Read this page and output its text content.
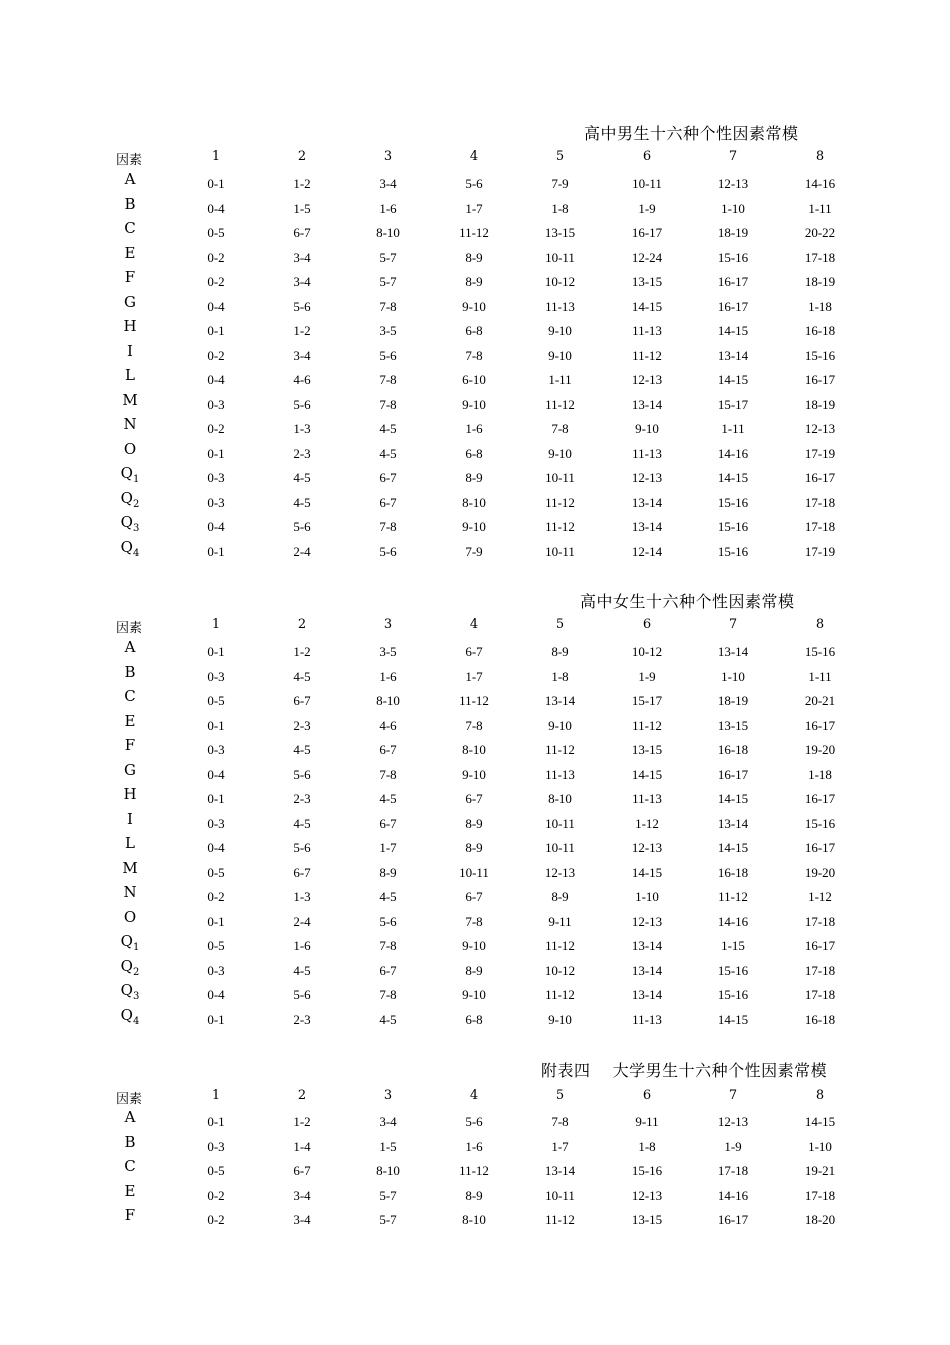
高中男生十六种个性因素常模
因素	1	2	3	4	5	6	7	8
A	0-1	1-2	3-4	5-6	7-9	10-11	12-13	14-16
B	0-4	1-5	1-6	1-7	1-8	1-9	1-10	1-11
C	0-5	6-7	8-10	11-12	13-15	16-17	18-19	20-22
E	0-2	3-4	5-7	8-9	10-11	12-24	15-16	17-18
F	0-2	3-4	5-7	8-9	10-12	13-15	16-17	18-19
G	0-4	5-6	7-8	9-10	11-13	14-15	16-17	1-18
H	0-1	1-2	3-5	6-8	9-10	11-13	14-15	16-18
I	0-2	3-4	5-6	7-8	9-10	11-12	13-14	15-16
L	0-4	4-6	7-8	6-10	1-11	12-13	14-15	16-17
M	0-3	5-6	7-8	9-10	11-12	13-14	15-17	18-19
N	0-2	1-3	4-5	1-6	7-8	9-10	1-11	12-13
O	0-1	2-3	4-5	6-8	9-10	11-13	14-16	17-19
$Q_1$	0-3	4-5	6-7	8-9	10-11	12-13	14-15	16-17
$Q_2$	0-3	4-5	6-7	8-10	11-12	13-14	15-16	17-18
$Q_3$	0-4	5-6	7-8	9-10	11-12	13-14	15-16	17-18
$Q_4$	0-1	2-4	5-6	7-9	10-11	12-14	15-16	17-19
高中女生十六种个性因素常模
因素	1	2	3	4	5	6	7	8
A	0-1	1-2	3-5	6-7	8-9	10-12	13-14	15-16
B	0-3	4-5	1-6	1-7	1-8	1-9	1-10	1-11
C	0-5	6-7	8-10	11-12	13-14	15-17	18-19	20-21
E	0-1	2-3	4-6	7-8	9-10	11-12	13-15	16-17
F	0-3	4-5	6-7	8-10	11-12	13-15	16-18	19-20
G	0-4	5-6	7-8	9-10	11-13	14-15	16-17	1-18
H	0-1	2-3	4-5	6-7	8-10	11-13	14-15	16-17
I	0-3	4-5	6-7	8-9	10-11	1-12	13-14	15-16
L	0-4	5-6	1-7	8-9	10-11	12-13	14-15	16-17
M	0-5	6-7	8-9	10-11	12-13	14-15	16-18	19-20
N	0-2	1-3	4-5	6-7	8-9	1-10	11-12	1-12
O	0-1	2-4	5-6	7-8	9-11	12-13	14-16	17-18
$Q_1$	0-5	1-6	7-8	9-10	11-12	13-14	1-15	16-17
$Q_2$	0-3	4-5	6-7	8-9	10-12	13-14	15-16	17-18
$Q_3$	0-4	5-6	7-8	9-10	11-12	13-14	15-16	17-18
$Q_4$	0-1	2-3	4-5	6-8	9-10	11-13	14-15	16-18
附表四　 大学男生十六种个性因素常模
因素	1	2	3	4	5	6	7	8
A	0-1	1-2	3-4	5-6	7-8	9-11	12-13	14-15
B	0-3	1-4	1-5	1-6	1-7	1-8	1-9	1-10
C	0-5	6-7	8-10	11-12	13-14	15-16	17-18	19-21
E	0-2	3-4	5-7	8-9	10-11	12-13	14-16	17-18
F	0-2	3-4	5-7	8-10	11-12	13-15	16-17	18-20
